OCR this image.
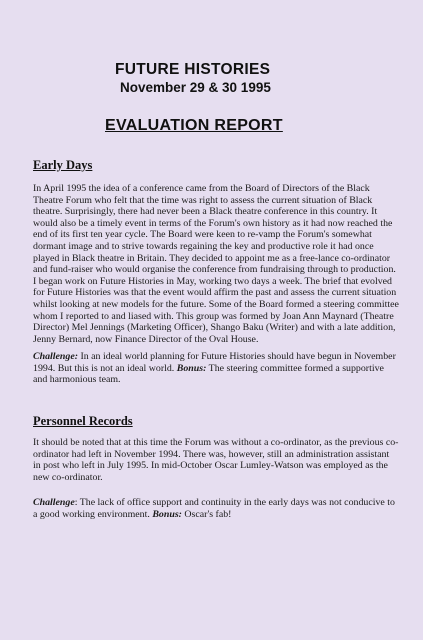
FUTURE HISTORIES
November 29 & 30 1995
EVALUATION REPORT
Early Days

In April 1995 the idea of a conference came from the Board of Directors of the Black Theatre Forum who felt that the time was right to assess the current situation of Black theatre. Surprisingly, there had never been a Black theatre conference in this country. It would also be a timely event in terms of the Forum's own history as it had now reached the end of its first ten year cycle. The Board were keen to re-vamp the Forum's somewhat dormant image and to strive towards regaining the key and productive role it had once played in Black theatre in Britain. They decided to appoint me as a free-lance co-ordinator and fund-raiser who would organise the conference from fundraising through to production. I began work on Future Histories in May, working two days a week. The brief that evolved for Future Histories was that the event would affirm the past and assess the current situation whilst looking at new models for the future. Some of the Board formed a steering committee whom I reported to and liased with. This group was formed by Joan Ann Maynard (Theatre Director) Mel Jennings (Marketing Officer), Shango Baku (Writer) and with a late addition, Jenny Bernard, now Finance Director of the Oval House.

Challenge: In an ideal world planning for Future Histories should have begun in November 1994. But this is not an ideal world. Bonus: The steering committee formed a supportive and harmonious team.

Personnel Records

It should be noted that at this time the Forum was without a co-ordinator, as the previous co-ordinator had left in November 1994. There was, however, still an administration assistant in post who left in July 1995. In mid-October Oscar Lumley-Watson was employed as the new co-ordinator.

Challenge: The lack of office support and continuity in the early days was not conducive to a good working environment. Bonus: Oscar's fab!
